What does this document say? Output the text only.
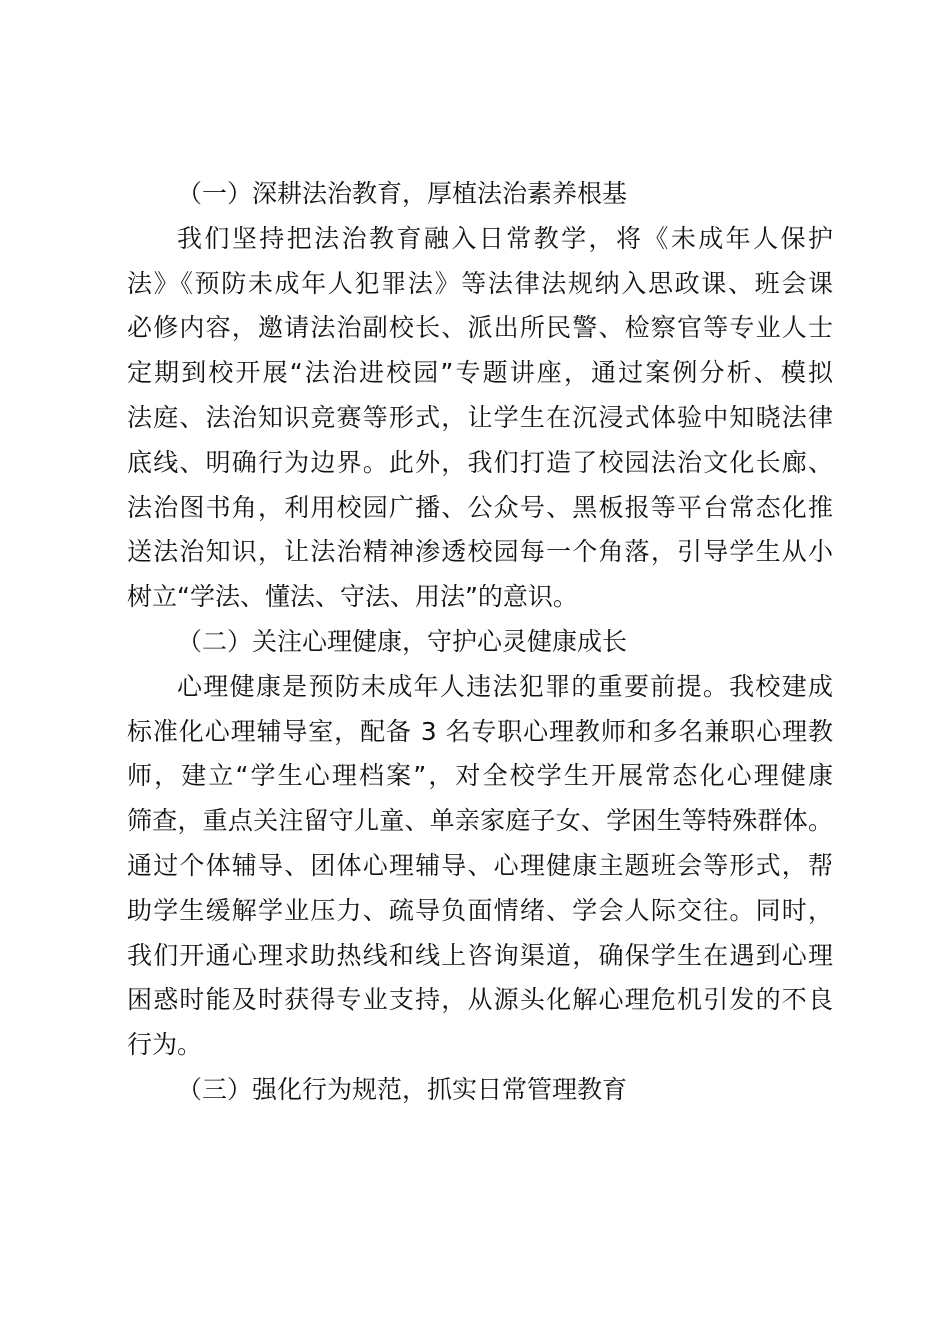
（一）深耕法治教育，厚植法治素养根基
我们坚持把法治教育融入日常教学，将《未成年人保护
法》《预防未成年人犯罪法》等法律法规纳入思政课、班会课
必修内容，邀请法治副校长、派出所民警、检察官等专业人士
定期到校开展“法治进校园”专题讲座，通过案例分析、模拟
法庭、法治知识竞赛等形式，让学生在沉浸式体验中知晓法律
底线、明确行为边界。此外，我们打造了校园法治文化长廊、
法治图书角，利用校园广播、公众号、黑板报等平台常态化推
送法治知识，让法治精神渗透校园每一个角落，引导学生从小
树立“学法、懂法、守法、用法”的意识。
（二）关注心理健康，守护心灵健康成长
心理健康是预防未成年人违法犯罪的重要前提。我校建成
标准化心理辅导室，配备 3 名专职心理教师和多名兼职心理教
师，建立“学生心理档案”，对全校学生开展常态化心理健康
筛查，重点关注留守儿童、单亲家庭子女、学困生等特殊群体。
通过个体辅导、团体心理辅导、心理健康主题班会等形式，帮
助学生缓解学业压力、疏导负面情绪、学会人际交往。同时，
我们开通心理求助热线和线上咨询渠道，确保学生在遇到心理
困惑时能及时获得专业支持，从源头化解心理危机引发的不良
行为。
（三）强化行为规范，抓实日常管理教育
